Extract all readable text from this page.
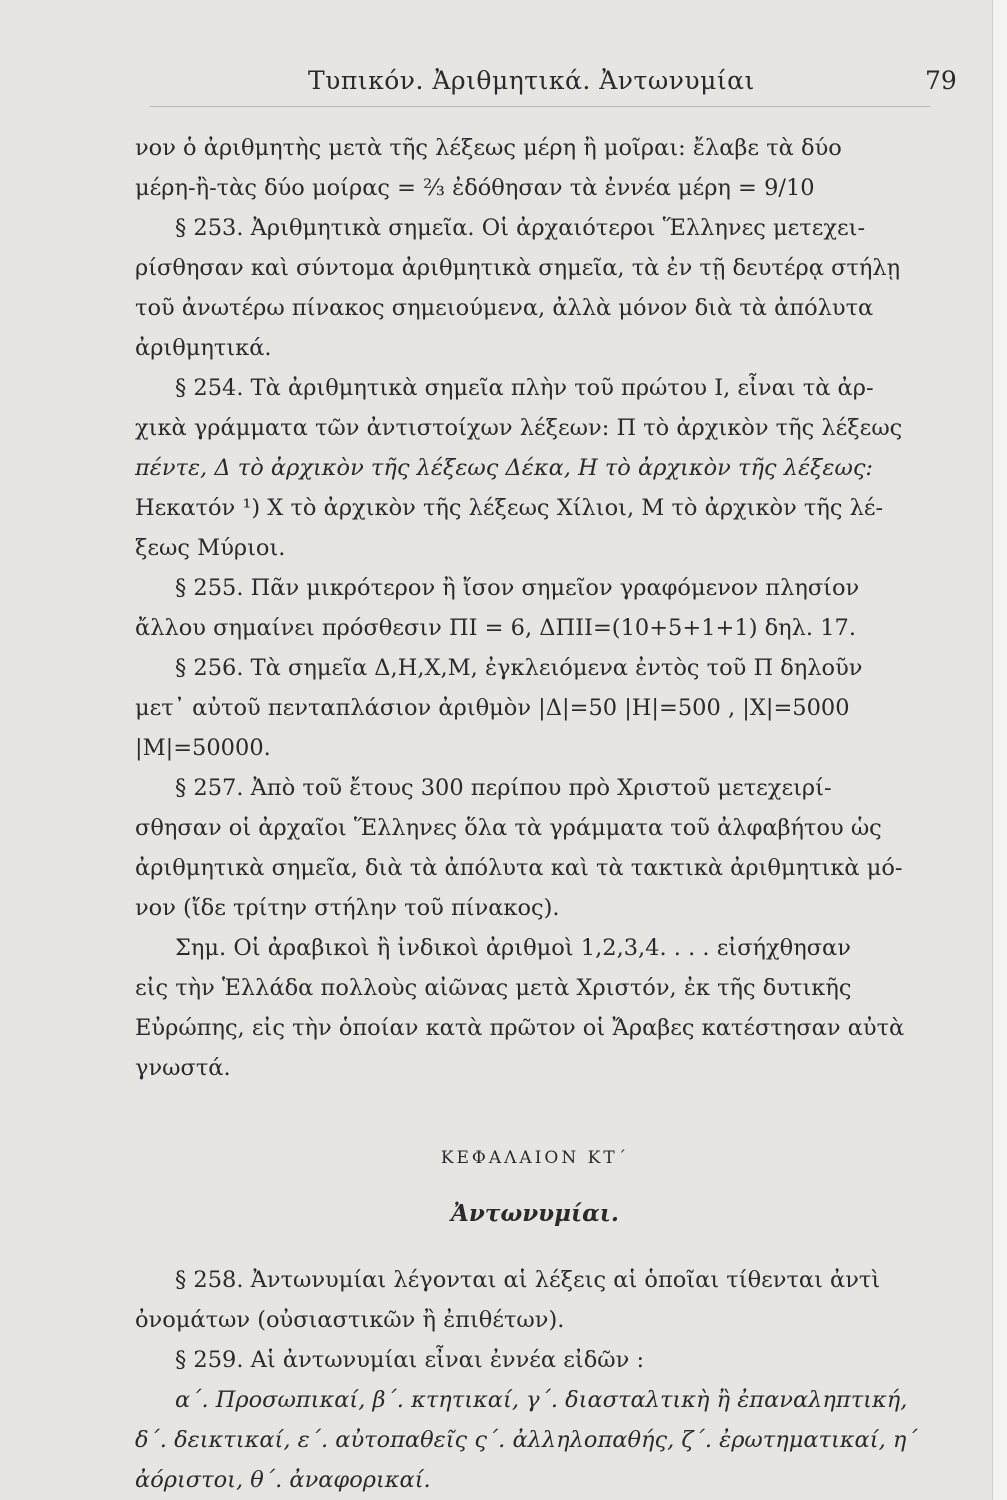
Τυπικόν. Ἀριθμητικά. Ἀντωνυμίαι	79
νον ὁ ἀριθμητὴς μετὰ τῆς λέξεως μέρη ἢ μοῖραι: ἔλαβε τὰ δύο
μέρη-ἢ-τὰς δύο μοίρας = ⅔ ἐδόθησαν τὰ ἐννέα μέρη = 9/10
§ 253. Ἀριθμητικὰ σημεῖα. Οἱ ἀρχαιότεροι Ἕλληνες μετεχει-
ρίσθησαν καὶ σύντομα ἀριθμητικὰ σημεῖα, τὰ ἐν τῇ δευτέρᾳ στήλῃ
τοῦ ἀνωτέρω πίνακος σημειούμενα, ἀλλὰ μόνον διὰ τὰ ἀπόλυτα
ἀριθμητικά.
§ 254. Τὰ ἀριθμητικὰ σημεῖα πλὴν τοῦ πρώτου Ι, εἶναι τὰ ἀρ-
χικὰ γράμματα τῶν ἀντιστοίχων λέξεων: Π τὸ ἀρχικὸν τῆς λέξεως
πέντε, Δ τὸ ἀρχικὸν τῆς λέξεως Δέκα, Η τὸ ἀρχικὸν τῆς λέξεως:
Ηεκατόν ¹) Χ τὸ ἀρχικὸν τῆς λέξεως Χίλιοι, Μ τὸ ἀρχικὸν τῆς λέ-
ξεως Μύριοι.
§ 255. Πᾶν μικρότερον ἢ ἴσον σημεῖον γραφόμενον πλησίον
ἄλλου σημαίνει πρόσθεσιν ΠΙ = 6, ΔΠΙΙ=(10+5+1+1) δηλ. 17.
§ 256. Τὰ σημεῖα Δ,Η,Χ,Μ, ἐγκλειόμενα ἐντὸς τοῦ Π δηλοῦν
μετ᾽ αὐτοῦ πενταπλάσιον ἀριθμὸν |Δ|=50 |Η|=500 , |Χ|=5000
|Μ|=50000.
§ 257. Ἀπὸ τοῦ ἔτους 300 περίπου πρὸ Χριστοῦ μετεχειρί-
σθησαν οἱ ἀρχαῖοι Ἕλληνες ὅλα τὰ γράμματα τοῦ ἀλφαβήτου ὡς
ἀριθμητικὰ σημεῖα, διὰ τὰ ἀπόλυτα καὶ τὰ τακτικὰ ἀριθμητικὰ μό-
νον (ἴδε τρίτην στήλην τοῦ πίνακος).
Σημ. Οἱ ἀραβικοὶ ἢ ἰνδικοὶ ἀριθμοὶ 1,2,3,4. . . . εἰσήχθησαν
εἰς τὴν Ἑλλάδα πολλοὺς αἰῶνας μετὰ Χριστόν, ἐκ τῆς δυτικῆς
Εὐρώπης, εἰς τὴν ὁποίαν κατὰ πρῶτον οἱ Ἄραβες κατέστησαν αὐτὰ
γνωστά.
ΚΕΦΑΛΑΙΟΝ ΚΤ΄
Ἀντωνυμίαι.
§ 258. Ἀντωνυμίαι λέγονται αἱ λέξεις αἱ ὁποῖαι τίθενται ἀντὶ
ὀνομάτων (οὐσιαστικῶν ἢ ἐπιθέτων).
§ 259. Αἱ ἀντωνυμίαι εἶναι ἐννέα εἰδῶν :
α΄. Προσωπικαί, β΄. κτητικαί, γ΄. διασταλτικὴ ἢ ἐπαναληπτική,
δ΄. δεικτικαί, ε΄. αὐτοπαθεῖς ς΄. ἀλληλοπαθής, ζ΄. ἐρωτηματικαί, η΄
ἀόριστοι, θ΄. ἀναφορικαί.
